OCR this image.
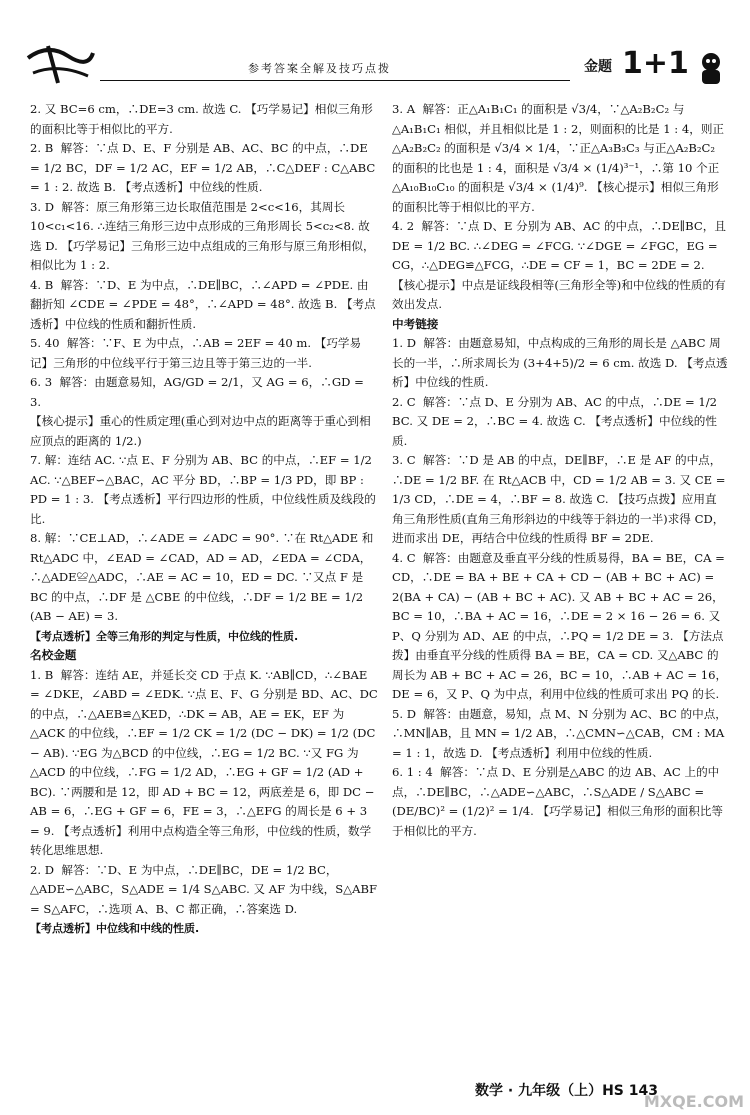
参考答案全解及技巧点拨	金题 1+1

2. 又 BC=6 cm，∴DE=3 cm. 故选 C. 【巧学易记】相似三角形的面积比等于相似比的平方.

2. B  解答：∵点 D、E、F 分别是 AB、AC、BC 的中点，∴DE = 1/2 BC，DF = 1/2 AC，EF = 1/2 AB，∴C△DEF : C△ABC = 1 : 2. 故选 B. 【考点透析】中位线的性质.

3. D  解答：原三角形第三边长取值范围是 2<c<16，其周长 10<c₁<16. ∴连结三角形三边中点形成的三角形周长 5<c₂<8. 故选 D. 【巧学易记】三角形三边中点组成的三角形与原三角形相似，相似比为 1 : 2.

4. B  解答：∵D、E 为中点，∴DE∥BC，∴∠APD = ∠PDE. 由翻折知 ∠CDE = ∠PDE = 48°，∴∠APD = 48°. 故选 B. 【考点透析】中位线的性质和翻折性质.

5. 40  解答：∵F、E 为中点，∴AB = 2EF = 40 m. 【巧学易记】三角形的中位线平行于第三边且等于第三边的一半.

6. 3  解答：由题意易知，AG/GD = 2/1，又 AG = 6，∴GD = 3.

【核心提示】重心的性质定理(重心到对边中点的距离等于重心到相应顶点的距离的 1/2.)

7. 解：连结 AC. ∵点 E、F 分别为 AB、BC 的中点，∴EF = 1/2 AC. ∵△BEF∽△BAC，AC 平分 BD，∴BP = 1/3 PD，即 BP : PD = 1 : 3. 【考点透析】平行四边形的性质，中位线性质及线段的比.

8. 解：∵CE⊥AD，∴∠ADE = ∠ADC = 90°. ∵在 Rt△ADE 和 Rt△ADC 中，∠EAD = ∠CAD，AD = AD，∠EDA = ∠CDA，∴△ADE≌△ADC，∴AE = AC = 10，ED = DC. ∵又点 F 是 BC 的中点，∴DF 是 △CBE 的中位线，∴DF = 1/2 BE = 1/2 (AB − AE) = 3.

【考点透析】全等三角形的判定与性质，中位线的性质.

名校金题

1. B  解答：连结 AE，并延长交 CD 于点 K. ∵AB∥CD，∴∠BAE = ∠DKE，∠ABD = ∠EDK. ∵点 E、F、G 分别是 BD、AC、DC 的中点，∴△AEB≌△KED，∴DK = AB，AE = EK，EF 为△ACK 的中位线，∴EF = 1/2 CK = 1/2 (DC − DK) = 1/2 (DC − AB). ∵EG 为△BCD 的中位线，∴EG = 1/2 BC. ∵又 FG 为△ACD 的中位线，∴FG = 1/2 AD，∴EG + GF = 1/2 (AD + BC). ∵两腰和是 12，即 AD + BC = 12，两底差是 6，即 DC − AB = 6，∴EG + GF = 6，FE = 3，∴△EFG 的周长是 6 + 3 = 9. 【考点透析】利用中点构造全等三角形，中位线的性质，数学转化思维思想.

2. D  解答：∵D、E 为中点，∴DE∥BC，DE = 1/2 BC，△ADE∽△ABC，S△ADE = 1/4 S△ABC. 又 AF 为中线，S△ABF = S△AFC，∴选项 A、B、C 都正确，∴答案选 D.

【考点透析】中位线和中线的性质.

3. A  解答：正△A₁B₁C₁ 的面积是 √3/4，∵△A₂B₂C₂ 与 △A₁B₁C₁ 相似，并且相似比是 1 : 2，则面积的比是 1 : 4，则正△A₂B₂C₂ 的面积是 √3/4 × 1/4，∵正△A₃B₃C₃ 与正△A₂B₂C₂ 的面积的比也是 1 : 4，面积是 √3/4 × (1/4)³⁻¹，∴第 10 个正△A₁₀B₁₀C₁₀ 的面积是 √3/4 × (1/4)⁹. 【核心提示】相似三角形的面积比等于相似比的平方.

4. 2  解答：∵点 D、E 分别为 AB、AC 的中点，∴DE∥BC，且 DE = 1/2 BC. ∴∠DEG = ∠FCG. ∵∠DGE = ∠FGC，EG = CG，∴△DEG≌△FCG，∴DE = CF = 1，BC = 2DE = 2. 【核心提示】中点是证线段相等(三角形全等)和中位线的性质的有效出发点.

中考链接

1. D  解答：由题意易知，中点构成的三角形的周长是 △ABC 周长的一半，∴所求周长为 (3+4+5)/2 = 6 cm. 故选 D. 【考点透析】中位线的性质.

2. C  解答：∵点 D、E 分别为 AB、AC 的中点，∴DE = 1/2 BC. 又 DE = 2，∴BC = 4. 故选 C. 【考点透析】中位线的性质.

3. C  解答：∵D 是 AB 的中点，DE∥BF，∴E 是 AF 的中点，∴DE = 1/2 BF. 在 Rt△ACB 中，CD = 1/2 AB = 3. 又 CE = 1/3 CD，∴DE = 4，∴BF = 8. 故选 C. 【技巧点拨】应用直角三角形性质(直角三角形斜边的中线等于斜边的一半)求得 CD，进而求出 DE，再结合中位线的性质得 BF = 2DE.

4. C  解答：由题意及垂直平分线的性质易得，BA = BE，CA = CD，∴DE = BA + BE + CA + CD − (AB + BC + AC) = 2(BA + CA) − (AB + BC + AC). 又 AB + BC + AC = 26，BC = 10，∴BA + AC = 16，∴DE = 2 × 16 − 26 = 6. 又 P、Q 分别为 AD、AE 的中点，∴PQ = 1/2 DE = 3. 【方法点拨】由垂直平分线的性质得 BA = BE，CA = CD. 又△ABC 的周长为 AB + BC + AC = 26，BC = 10，∴AB + AC = 16，DE = 6，又 P、Q 为中点，利用中位线的性质可求出 PQ 的长.

5. D  解答：由题意，易知，点 M、N 分别为 AC、BC 的中点，∴MN∥AB，且 MN = 1/2 AB，∴△CMN∽△CAB，CM : MA = 1 : 1，故选 D. 【考点透析】利用中位线的性质.

6. 1 : 4  解答：∵点 D、E 分别是△ABC 的边 AB、AC 上的中点，∴DE∥BC，∴△ADE∽△ABC，∴S△ADE / S△ABC = (DE/BC)² = (1/2)² = 1/4. 【巧学易记】相似三角形的面积比等于相似比的平方.

数学 · 九年级（上）HS 143
MXQE.COM
